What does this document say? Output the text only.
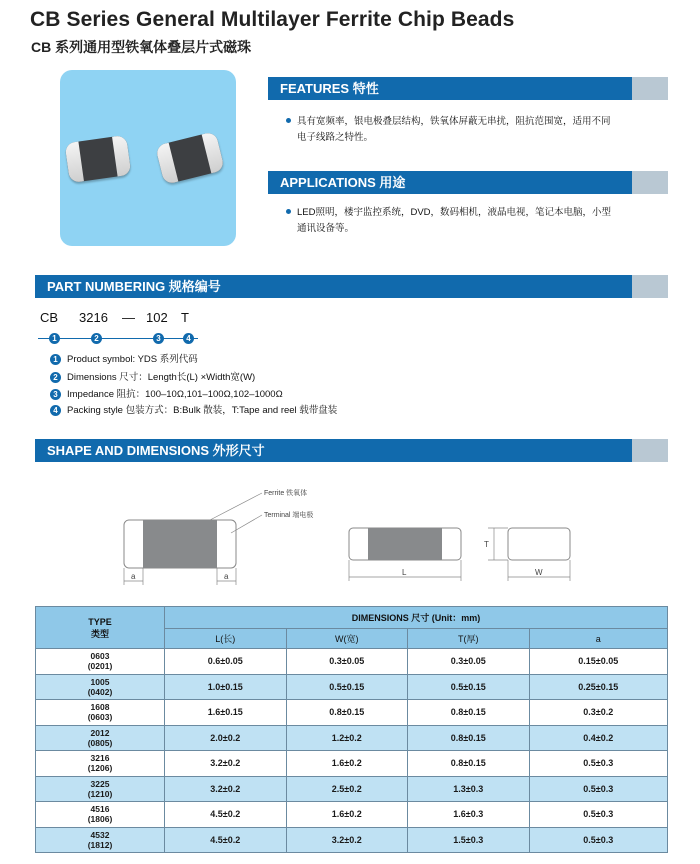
CB Series General Multilayer Ferrite Chip Beads
CB 系列通用型铁氧体叠层片式磁珠
FEATURES 特性
具有宽频率，银电极叠层结构，铁氧体屏蔽无串扰，阻抗范围宽，适用不同
电子线路之特性。
APPLICATIONS 用途
LED照明，楼宇监控系统，DVD，数码相机，液晶电视，笔记本电脑，小型
通讯设备等。
PART NUMBERING 规格编号
CB 3216 — 102 T
1	2	3	4
1 Product symbol: YDS 系列代码
2 Dimensions 尺寸：Length长(L) ×Width宽(W)
3 Impedance 阻抗：100–10Ω,101–100Ω,102–1000Ω
4 Packing style 包装方式：B:Bulk 散装，T:Tape and reel 载带盘装
SHAPE AND DIMENSIONS 外形尺寸
a	a
Ferrite 铁氧体
Terminal 端电极
L	W
T
TYPE
类型	DIMENSIONS 尺寸 (Unit：mm)			
	L(长)	W(宽)	T(厚)	a

0603
(0201)	0.6±0.05	0.3±0.05	0.3±0.05	0.15±0.05

1005
(0402)	1.0±0.15	0.5±0.15	0.5±0.15	0.25±0.15

1608
(0603)	1.6±0.15	0.8±0.15	0.8±0.15	0.3±0.2

2012
(0805)	2.0±0.2	1.2±0.2	0.8±0.15	0.4±0.2

3216
(1206)	3.2±0.2	1.6±0.2	0.8±0.15	0.5±0.3

3225
(1210)	3.2±0.2	2.5±0.2	1.3±0.3	0.5±0.3

4516
(1806)	4.5±0.2	1.6±0.2	1.6±0.3	0.5±0.3

4532
(1812)	4.5±0.2	3.2±0.2	1.5±0.3	0.5±0.3
